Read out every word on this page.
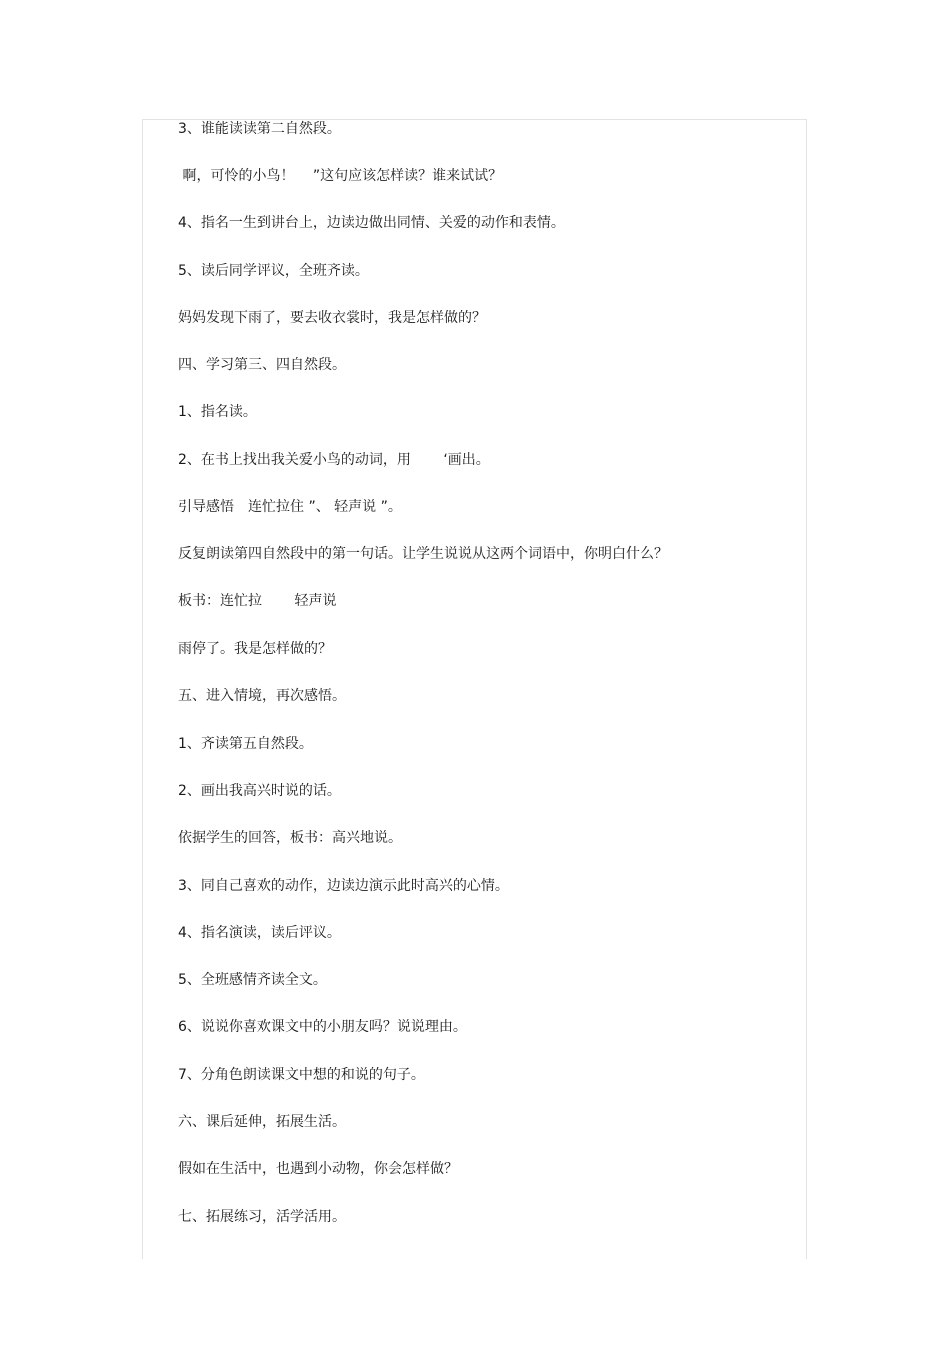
3、谁能读读第二自然段。
啊，可怜的小鸟！　 ”这句应该怎样读？谁来试试？
4、指名一生到讲台上，边读边做出同情、关爱的动作和表情。
5、读后同学评议，全班齐读。
妈妈发现下雨了，要去收衣裳时，我是怎样做的？
四、学习第三、四自然段。
1、指名读。
2、在书上找出我关爱小鸟的动词，用　　 ‘画出。
引导感悟　连忙拉住 ”、 轻声说 ”。
反复朗读第四自然段中的第一句话。让学生说说从这两个词语中，你明白什么？
板书：连忙拉　　 轻声说
雨停了。我是怎样做的？
五、进入情境，再次感悟。
1、齐读第五自然段。
2、画出我高兴时说的话。
依据学生的回答，板书：高兴地说。
3、同自己喜欢的动作，边读边演示此时高兴的心情。
4、指名演读，读后评议。
5、全班感情齐读全文。
6、说说你喜欢课文中的小朋友吗？说说理由。
7、分角色朗读课文中想的和说的句子。
六、课后延伸，拓展生活。
假如在生活中，也遇到小动物，你会怎样做？
七、拓展练习，活学活用。
